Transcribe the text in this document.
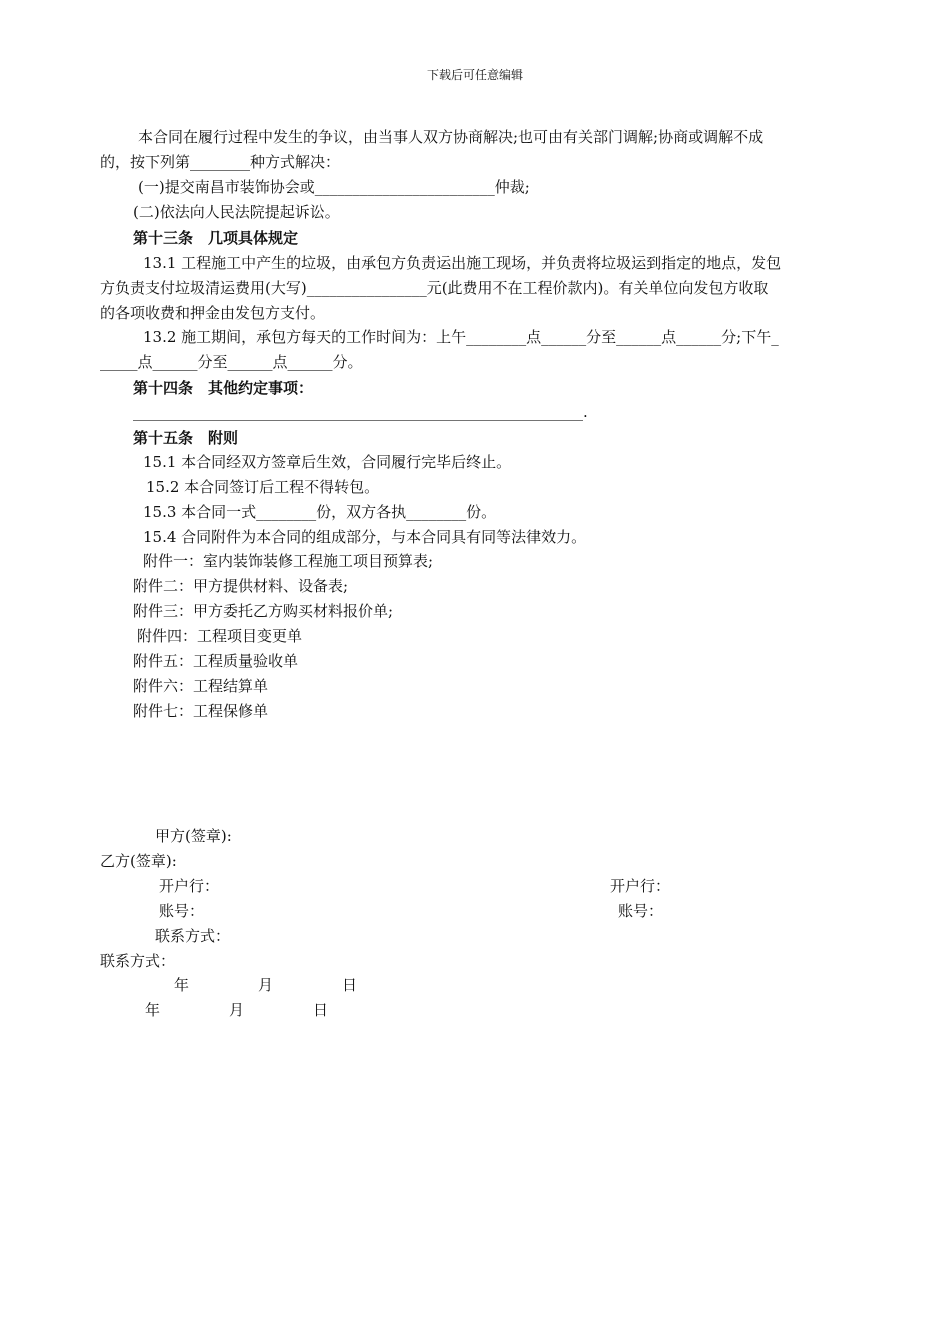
下载后可任意编辑
本合同在履行过程中发生的争议，由当事人双方协商解决;也可由有关部门调解;协商或调解不成
的，按下列第________种方式解决：
(一)提交南昌市装饰协会或________________________仲裁;
(二)依法向人民法院提起诉讼。
第十三条　几项具体规定
13.1 工程施工中产生的垃圾，由承包方负责运出施工现场，并负责将垃圾运到指定的地点，发包
方负责支付垃圾清运费用(大写)________________元(此费用不在工程价款内)。有关单位向发包方收取
的各项收费和押金由发包方支付。
13.2 施工期间，承包方每天的工作时间为：上午________点______分至______点______分;下午_
_____点______分至______点______分。
第十四条　其他约定事项：
____________________________________________________________.
第十五条　附则
15.1 本合同经双方签章后生效，合同履行完毕后终止。
15.2 本合同签订后工程不得转包。
15.3 本合同一式________份，双方各执________份。
15.4 合同附件为本合同的组成部分，与本合同具有同等法律效力。
附件一：室内装饰装修工程施工项目预算表;
附件二：甲方提供材料、设备表;
附件三：甲方委托乙方购买材料报价单;
附件四：工程项目变更单
附件五：工程质量验收单
附件六：工程结算单
附件七：工程保修单
甲方(签章):
乙方(签章):
开户行：	开户行：
账号：	账号：
联系方式：
联系方式：
年	月	日
年	月	日
